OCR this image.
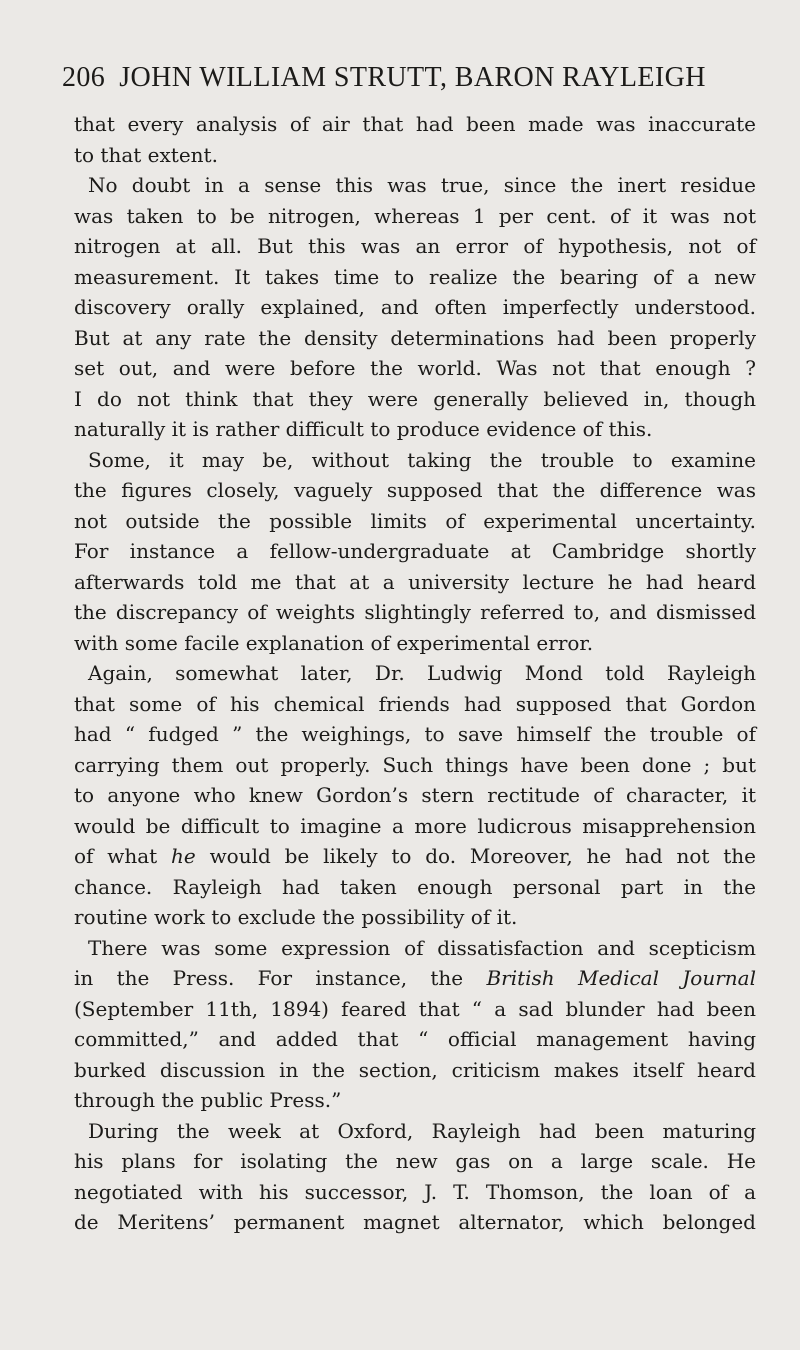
206 JOHN WILLIAM STRUTT, BARON RAYLEIGH
that every analysis of air that had been made was inaccurate
to that extent.
No doubt in a sense this was true, since the inert residue
was taken to be nitrogen, whereas 1 per cent. of it was not
nitrogen at all. But this was an error of hypothesis, not of
measurement. It takes time to realize the bearing of a new
discovery orally explained, and often imperfectly understood.
But at any rate the density determinations had been properly
set out, and were before the world. Was not that enough ?
I do not think that they were generally believed in, though
naturally it is rather difficult to produce evidence of this.
Some, it may be, without taking the trouble to examine
the figures closely, vaguely supposed that the difference was
not outside the possible limits of experimental uncertainty.
For instance a fellow-undergraduate at Cambridge shortly
afterwards told me that at a university lecture he had heard
the discrepancy of weights slightingly referred to, and dismissed
with some facile explanation of experimental error.
Again, somewhat later, Dr. Ludwig Mond told Rayleigh
that some of his chemical friends had supposed that Gordon
had “ fudged ” the weighings, to save himself the trouble of
carrying them out properly. Such things have been done ; but
to anyone who knew Gordon’s stern rectitude of character, it
would be difficult to imagine a more ludicrous misapprehension
of what he would be likely to do. Moreover, he had not the
chance. Rayleigh had taken enough personal part in the
routine work to exclude the possibility of it.
There was some expression of dissatisfaction and scepticism
in the Press. For instance, the British Medical Journal
(September 11th, 1894) feared that “ a sad blunder had been
committed,” and added that “ official management having
burked discussion in the section, criticism makes itself heard
through the public Press.”
During the week at Oxford, Rayleigh had been maturing
his plans for isolating the new gas on a large scale. He
negotiated with his successor, J. T. Thomson, the loan of a
de Meritens’ permanent magnet alternator, which belonged
